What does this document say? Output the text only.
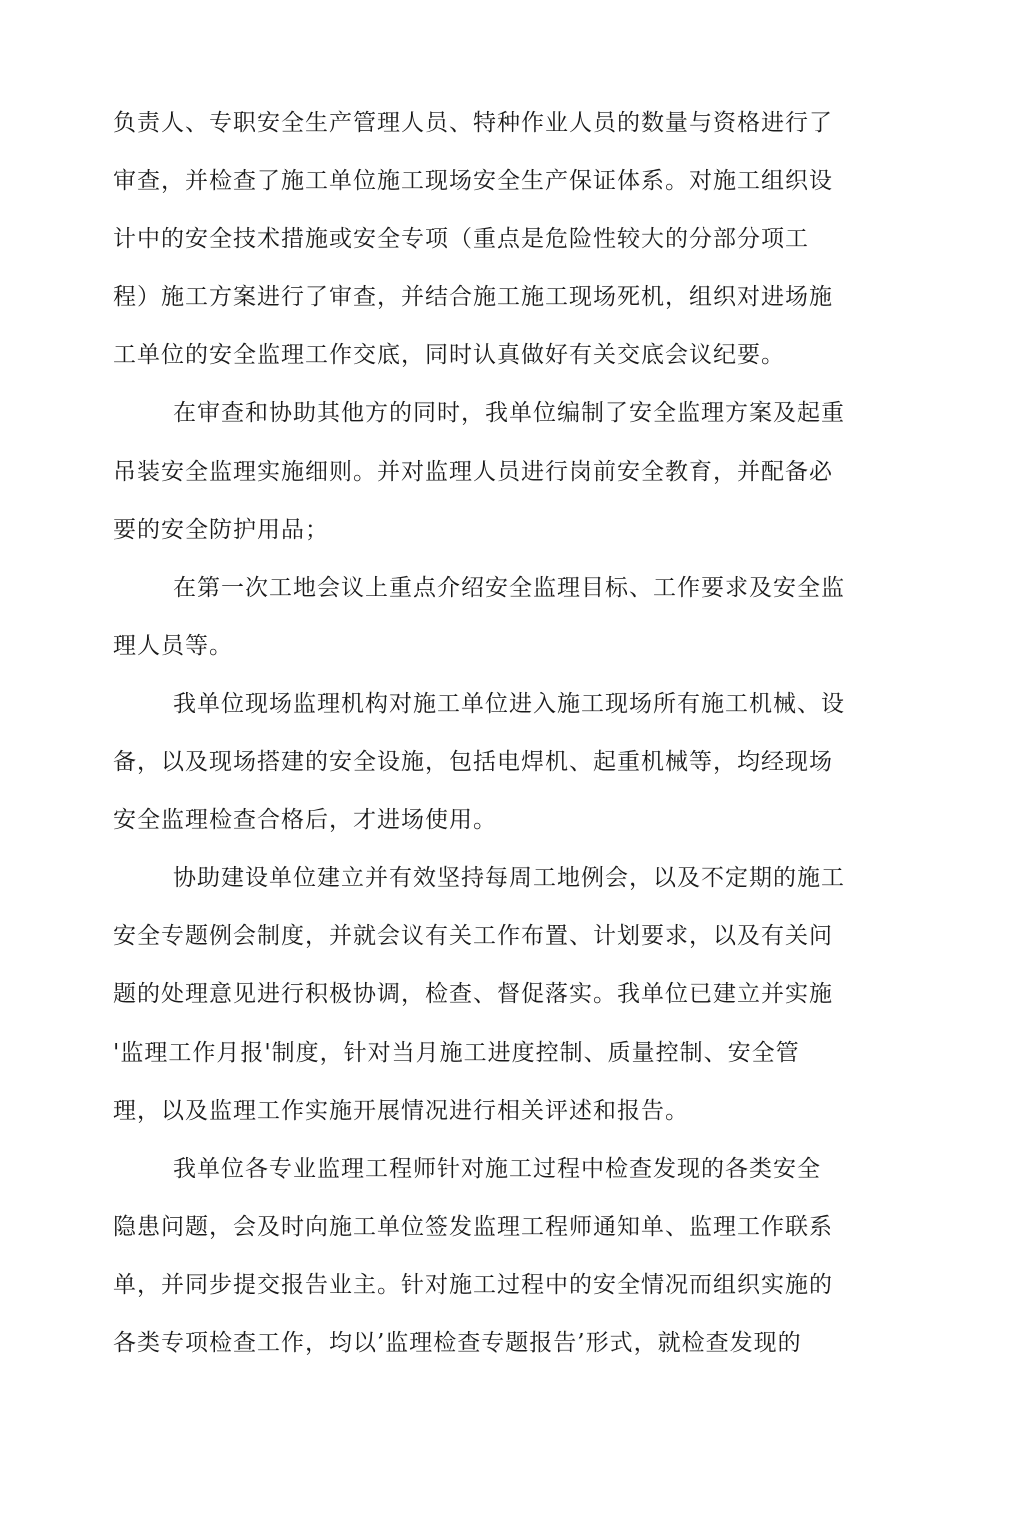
负责人、专职安全生产管理人员、特种作业人员的数量与资格进行了
审查，并检查了施工单位施工现场安全生产保证体系。对施工组织设
计中的安全技术措施或安全专项（重点是危险性较大的分部分项工
程）施工方案进行了审查，并结合施工施工现场死机，组织对进场施
工单位的安全监理工作交底，同时认真做好有关交底会议纪要。
在审查和协助其他方的同时，我单位编制了安全监理方案及起重
吊装安全监理实施细则。并对监理人员进行岗前安全教育，并配备必
要的安全防护用品；
在第一次工地会议上重点介绍安全监理目标、工作要求及安全监
理人员等。
我单位现场监理机构对施工单位进入施工现场所有施工机械、设
备，以及现场搭建的安全设施，包括电焊机、起重机械等，均经现场
安全监理检查合格后，才进场使用。
协助建设单位建立并有效坚持每周工地例会，以及不定期的施工
安全专题例会制度，并就会议有关工作布置、计划要求，以及有关问
题的处理意见进行积极协调，检查、督促落实。我单位已建立并实施
'监理工作月报'制度，针对当月施工进度控制、质量控制、安全管
理，以及监理工作实施开展情况进行相关评述和报告。
我单位各专业监理工程师针对施工过程中检查发现的各类安全
隐患问题，会及时向施工单位签发监理工程师通知单、监理工作联系
单，并同步提交报告业主。针对施工过程中的安全情况而组织实施的
各类专项检查工作，均以’监理检查专题报告’形式，就检查发现的
